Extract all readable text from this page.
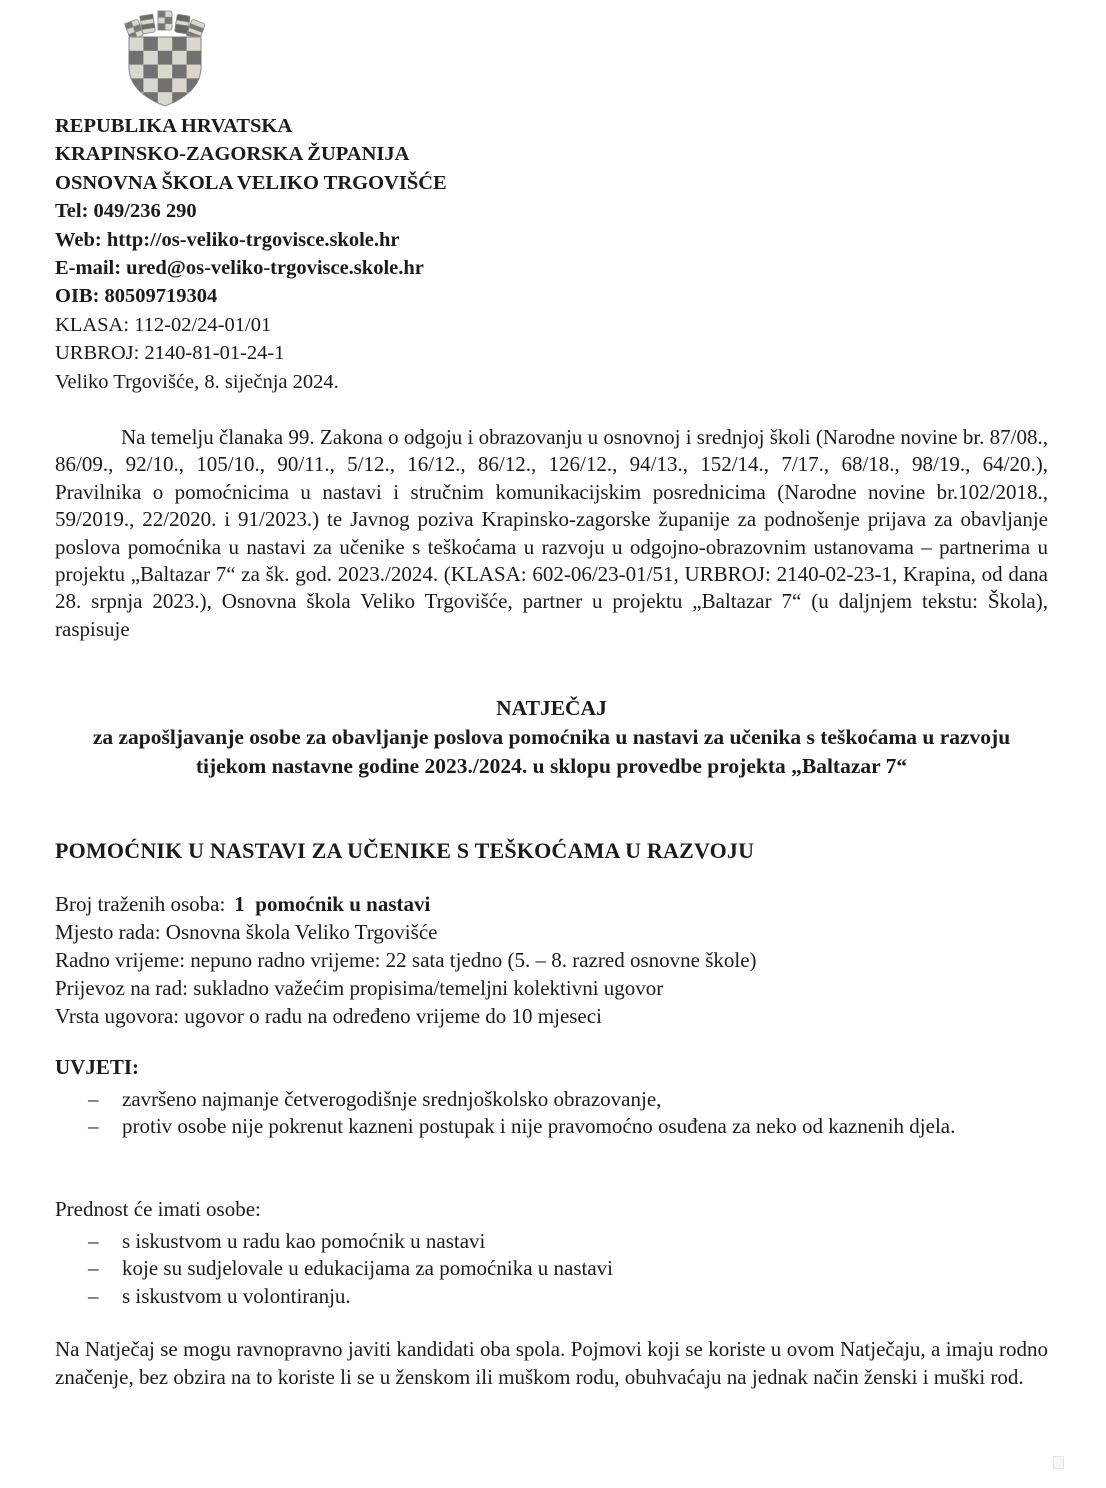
REPUBLIKA HRVATSKA
KRAPINSKO-ZAGORSKA ŽUPANIJA
OSNOVNA ŠKOLA VELIKO TRGOVIŠĆE
Tel: 049/236 290
Web: http://os-veliko-trgovisce.skole.hr
E-mail: ured@os-veliko-trgovisce.skole.hr
OIB: 80509719304
KLASA: 112-02/24-01/01
URBROJ: 2140-81-01-24-1
Veliko Trgovišće, 8. siječnja 2024.

Na temelju članaka 99. Zakona o odgoju i obrazovanju u osnovnoj i srednjoj školi (Narodne novine br. 87/08., 86/09., 92/10., 105/10., 90/11., 5/12., 16/12., 86/12., 126/12., 94/13., 152/14., 7/17., 68/18., 98/19., 64/20.), Pravilnika o pomoćnicima u nastavi i stručnim komunikacijskim posrednicima (Narodne novine br.102/2018., 59/2019., 22/2020. i 91/2023.) te Javnog poziva Krapinsko-zagorske županije za podnošenje prijava za obavljanje poslova pomoćnika u nastavi za učenike s teškoćama u razvoju u odgojno-obrazovnim ustanovama – partnerima u projektu „Baltazar 7“ za šk. god. 2023./2024. (KLASA: 602-06/23-01/51, URBROJ: 2140-02-23-1, Krapina, od dana 28. srpnja 2023.), Osnovna škola Veliko Trgovišće, partner u projektu „Baltazar 7“ (u daljnjem tekstu: Škola), raspisuje

NATJEČAJ
za zapošljavanje osobe za obavljanje poslova pomoćnika u nastavi za učenika s teškoćama u razvoju tijekom nastavne godine 2023./2024. u sklopu provedbe projekta „Baltazar 7“
POMOĆNIK U NASTAVI ZA UČENIKE S TEŠKOĆAMA U RAZVOJU
Broj traženih osoba: 1  pomoćnik u nastavi
Mjesto rada: Osnovna škola Veliko Trgovišće
Radno vrijeme: nepuno radno vrijeme: 22 sata tjedno (5. – 8. razred osnovne škole)
Prijevoz na rad: sukladno važećim propisima/temeljni kolektivni ugovor
Vrsta ugovora: ugovor o radu na određeno vrijeme do 10 mjeseci
UVJETI:
–	završeno najmanje četverogodišnje srednjoškolsko obrazovanje,
–	protiv osobe nije pokrenut kazneni postupak i nije pravomoćno osuđena za neko od kaznenih djela.
Prednost će imati osobe:
–	s iskustvom u radu kao pomoćnik u nastavi
–	koje su sudjelovale u edukacijama za pomoćnika u nastavi
–	s iskustvom u volontiranju.

Na Natječaj se mogu ravnopravno javiti kandidati oba spola. Pojmovi koji se koriste u ovom Natječaju, a imaju rodno značenje, bez obzira na to koriste li se u ženskom ili muškom rodu, obuhvaćaju na jednak način ženski i muški rod.
